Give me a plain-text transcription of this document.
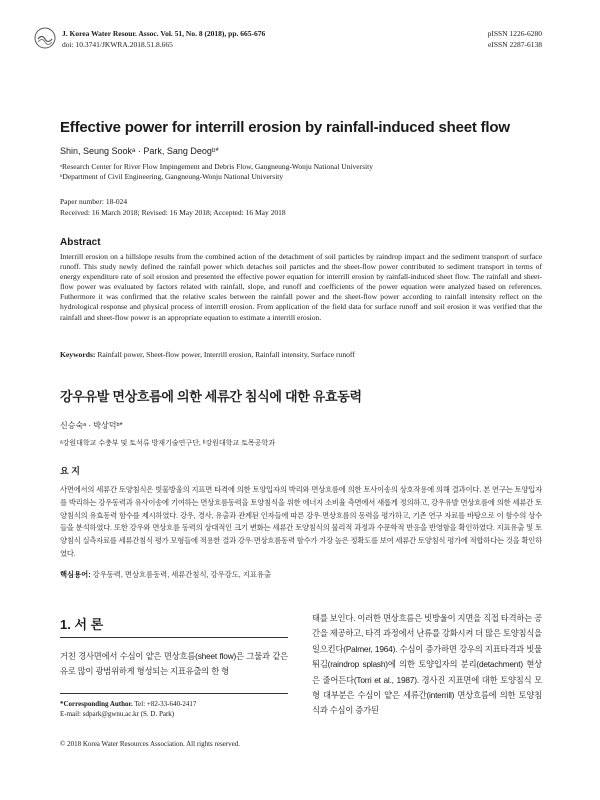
J. Korea Water Resour. Assoc. Vol. 51, No. 8 (2018), pp. 665-676
doi: 10.3741/JKWRA.2018.51.8.665
pISSN 1226-6280
eISSN 2287-6138
Effective power for interrill erosion by rainfall-induced sheet flow
Shin, Seung Sookᵃ · Park, Sang Deogᵇ*
ᵃResearch Center for River Flow Impingement and Debris Flow, Gangneung-Wonju National University
ᵇDepartment of Civil Engineering, Gangneung-Wonju National University
Paper number: 18-024
Received: 16 March 2018; Revised: 16 May 2018; Accepted: 16 May 2018
Abstract
Interrill erosion on a hillslope results from the combined action of the detachment of soil particles by raindrop impact and the sediment transport of surface runoff. This study newly defined the rainfall power which detaches soil particles and the sheet-flow power contributed to sediment transport in terms of energy expenditure rate of soil erosion and presented the effective power equation for interrill erosion by rainfall-induced sheet flow. The rainfall and sheet-flow power was evaluated by factors related with rainfall, slope, and runoff and coefficients of the power equation were analyzed based on references. Futhermore it was confirmed that the relative scales between the rainfall power and the sheet-flow power according to rainfall intensity reflect on the hydrological response and physical process of interrill erosion. From application of the field data for surface runoff and soil erosion it was verified that the rainfall and sheet-flow power is an appropriate equation to estimate a interrill erosion.
Keywords: Rainfall power, Sheet-flow power, Interrill erosion, Rainfall intensity, Surface runoff
강우유발 면상흐름에 의한 세류간 침식에 대한 유효동력
신승숙ᵃ · 박상덕ᵇ*
ᵃ강원대학교 수충부 및 토석류 방재기술연구단, ᵇ강원대학교 토목공학과
요 지
사면에서의 세류간 토양침식은 빗물방울의 지표면 타격에 의한 토양입자의 박리와 면상흐름에 의한 토사이송의 상호작용에 의해 결과이다. 본 연구는 토양입자를 박리하는 강우동력과 유사이송에 기여하는 면상흐름동력을 토양침식을 위한 에너지 소비율 측면에서 새롭게 정의하고, 강우유발 면상흐름에 의한 세류간 토양침식의 유효동력 함수를 제시하였다. 강우, 경사, 유출과 관계된 인자들에 따른 강우·면상흐름의 동력을 평가하고, 기존 연구 자료를 바탕으로 이 함수의 상수들을 분석하였다. 또한 강우와 면상흐름 동력의 상대적인 크기 변화는 세류간 토양침식의 물리적 과정과 수문학적 반응을 반영함을 확인하였다. 지표유출 및 토양침식 실측자료를 세류간침식 평가 모형들에 적용한 결과 강우·면상흐름동력 함수가 가장 높은 정확도를 보여 세류간 토양침식 평가에 적합하다는 것을 확인하였다.
핵심용어: 강우동력, 면상흐름동력, 세류간침식, 강우강도, 지표유출
1. 서 론
거친 경사면에서 수심이 얕은 면상흐름(sheet flow)은 그물과 같은 유로 많이 광범위하게 형성되는 지표유출의 한 형
태를 보인다. 이러한 면상흐름은 빗방울이 지면을 직접 타격하는 공간을 제공하고, 타격 과정에서 난류를 강화시켜 더 많은 토양침식을 일으킨다(Palmer, 1964). 수심이 증가하면 강우의 지표타격과 빗물튀김(raindrop splash)에 의한 토양입자의 분리(detachment) 현상은 줄어든다(Torri et al., 1987). 경사진 지표면에 대한 토양침식 모형 대부분은 수심이 얕은 세류간(interrill) 면상흐름에 의한 토양침식과 수심이 증가된
*Corresponding Author. Tel: +82-33-640-2417
E-mail: sdpark@gwnu.ac.kr (S. D. Park)
© 2018 Korea Water Resources Association. All rights reserved.
